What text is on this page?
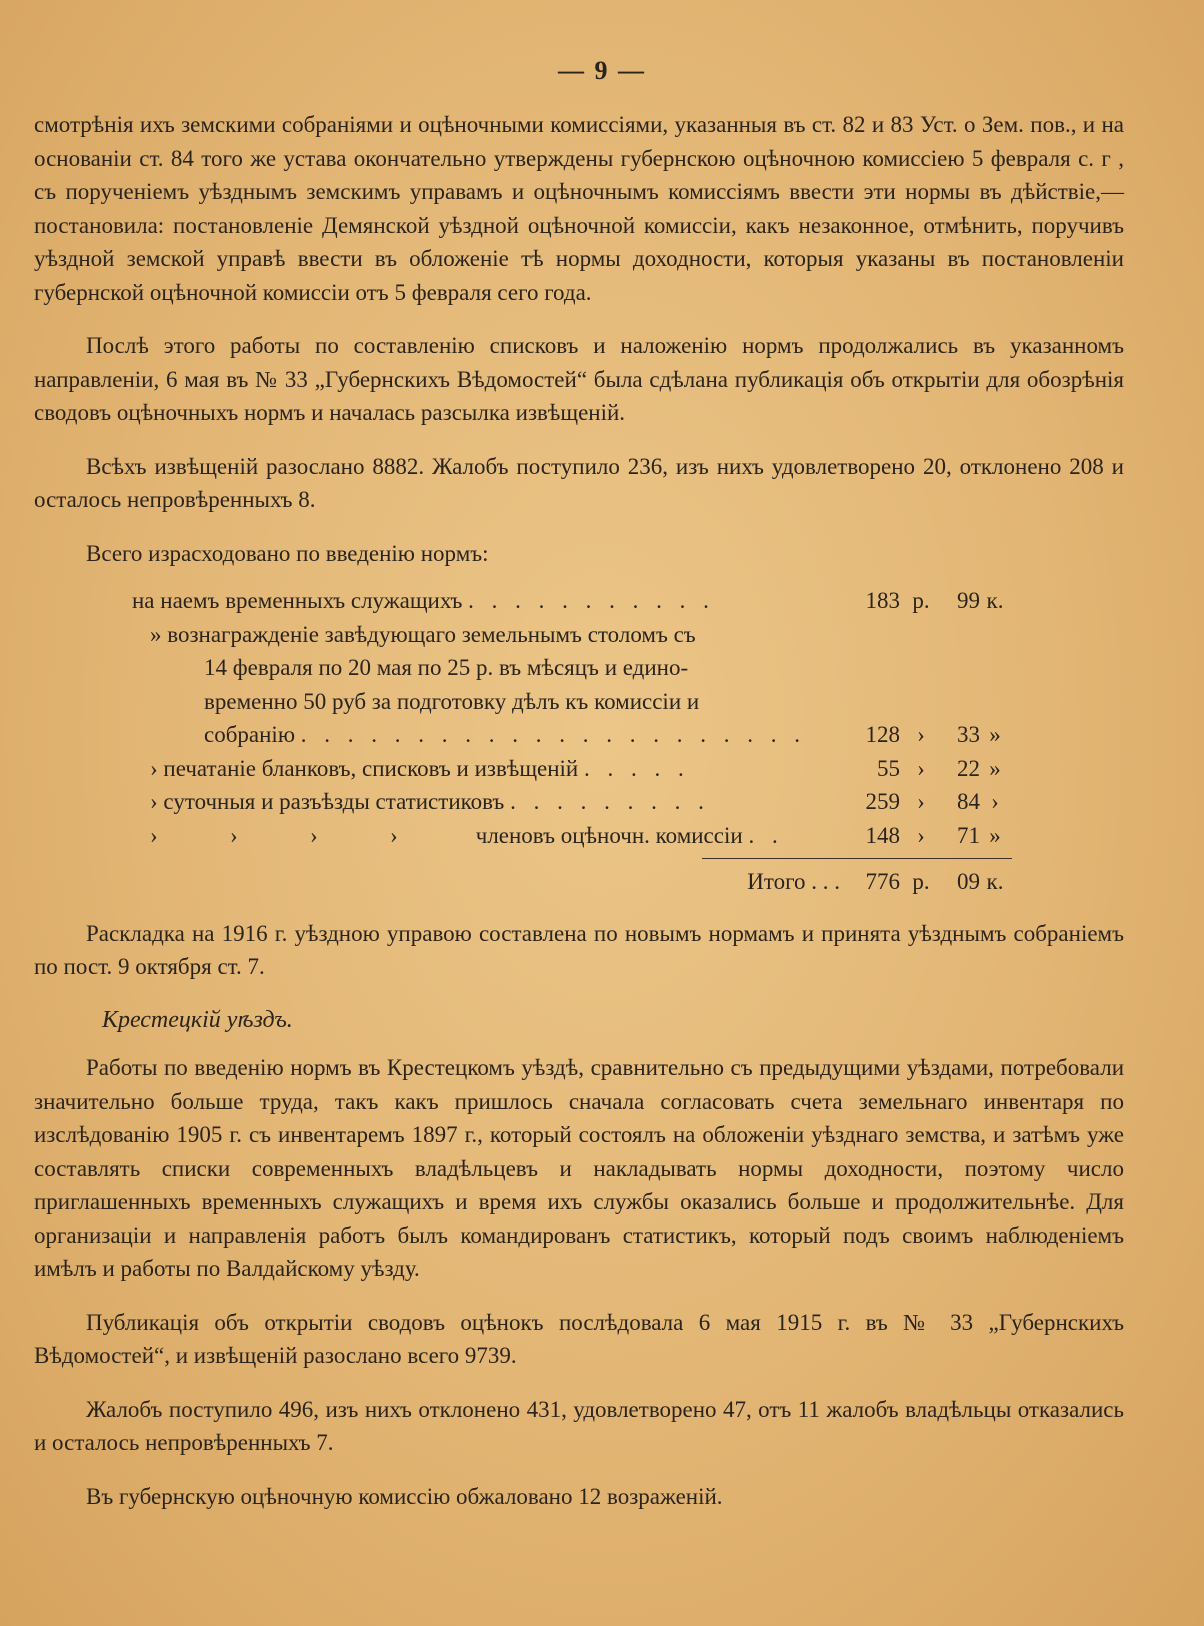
— 9 —

смотрѣнія ихъ земскими собраніями и оцѣночными комиссіями, указанныя въ ст. 82 и 83 Уст. о Зем. пов., и на основаніи ст. 84 того же устава окончательно утверждены губернскою оцѣночною комиссіею 5 февраля с. г , съ порученіемъ уѣзднымъ земскимъ управамъ и оцѣночнымъ комиссіямъ ввести эти нормы въ дѣйствіе,—постановила: постановленіе Демянской уѣздной оцѣночной комиссіи, какъ незаконное, отмѣнить, поручивъ уѣздной земской управѣ ввести въ обложеніе тѣ нормы доходности, которыя указаны въ постановленіи губернской оцѣночной комиссіи отъ 5 февраля сего года.

Послѣ этого работы по составленію списковъ и наложенію нормъ продолжались въ указанномъ направленіи, 6 мая въ № 33 „Губернскихъ Вѣдомостей“ была сдѣлана публикація объ открытіи для обозрѣнія сводовъ оцѣночныхъ нормъ и началась разсылка извѣщеній.

Всѣхъ извѣщеній разослано 8882. Жалобъ поступило 236, изъ нихъ удовлетворено 20, отклонено 208 и осталось непровѣренныхъ 8.

Всего израсходовано по введенію нормъ:

на наемъ временныхъ служащихъ . . . . . . . . . . .	183 р.	99 к.
» вознагражденіе завѣдующаго земельнымъ столомъ съ
14 февраля по 20 мая по 25 р. въ мѣсяцъ и едино-
временно 50 руб за подготовку дѣлъ къ комиссіи и
собранію . . . . . . . . . . . . . . . . . . . . . .	128 ›	33 »
› печатаніе бланковъ, списковъ и извѣщеній . . . . .	55 ›	22 »
› суточныя и разъѣзды статистиковъ . . . . . . . . .	259 ›	84 ›
›	›	›	›	членовъ оцѣночн. комиссіи . .	148 ›	71 »
Итого . . .	776 р.	09 к.

Раскладка на 1916 г. уѣздною управою составлена по новымъ нормамъ и принята уѣзднымъ собраніемъ по пост. 9 октября ст. 7.

Крестецкій уѣздъ.

Работы по введенію нормъ въ Крестецкомъ уѣздѣ, сравнительно съ предыдущими уѣздами, потребовали значительно больше труда, такъ какъ пришлось сначала согласовать счета земельнаго инвентаря по изслѣдованію 1905 г. съ инвентаремъ 1897 г., который состоялъ на обложеніи уѣзднаго земства, и затѣмъ уже составлять списки современныхъ владѣльцевъ и накладывать нормы доходности, поэтому число приглашенныхъ временныхъ служащихъ и время ихъ службы оказались больше и продолжительнѣе. Для организаціи и направленія работъ былъ командированъ статистикъ, который подъ своимъ наблюденіемъ имѣлъ и работы по Валдайскому уѣзду.

Публикація объ открытіи сводовъ оцѣнокъ послѣдовала 6 мая 1915 г. въ № 33 „Губернскихъ Вѣдомостей“, и извѣщеній разослано всего 9739.

Жалобъ поступило 496, изъ нихъ отклонено 431, удовлетворено 47, отъ 11 жалобъ владѣльцы отказались и осталось непровѣренныхъ 7.

Въ губернскую оцѣночную комиссію обжаловано 12 возраженій.
